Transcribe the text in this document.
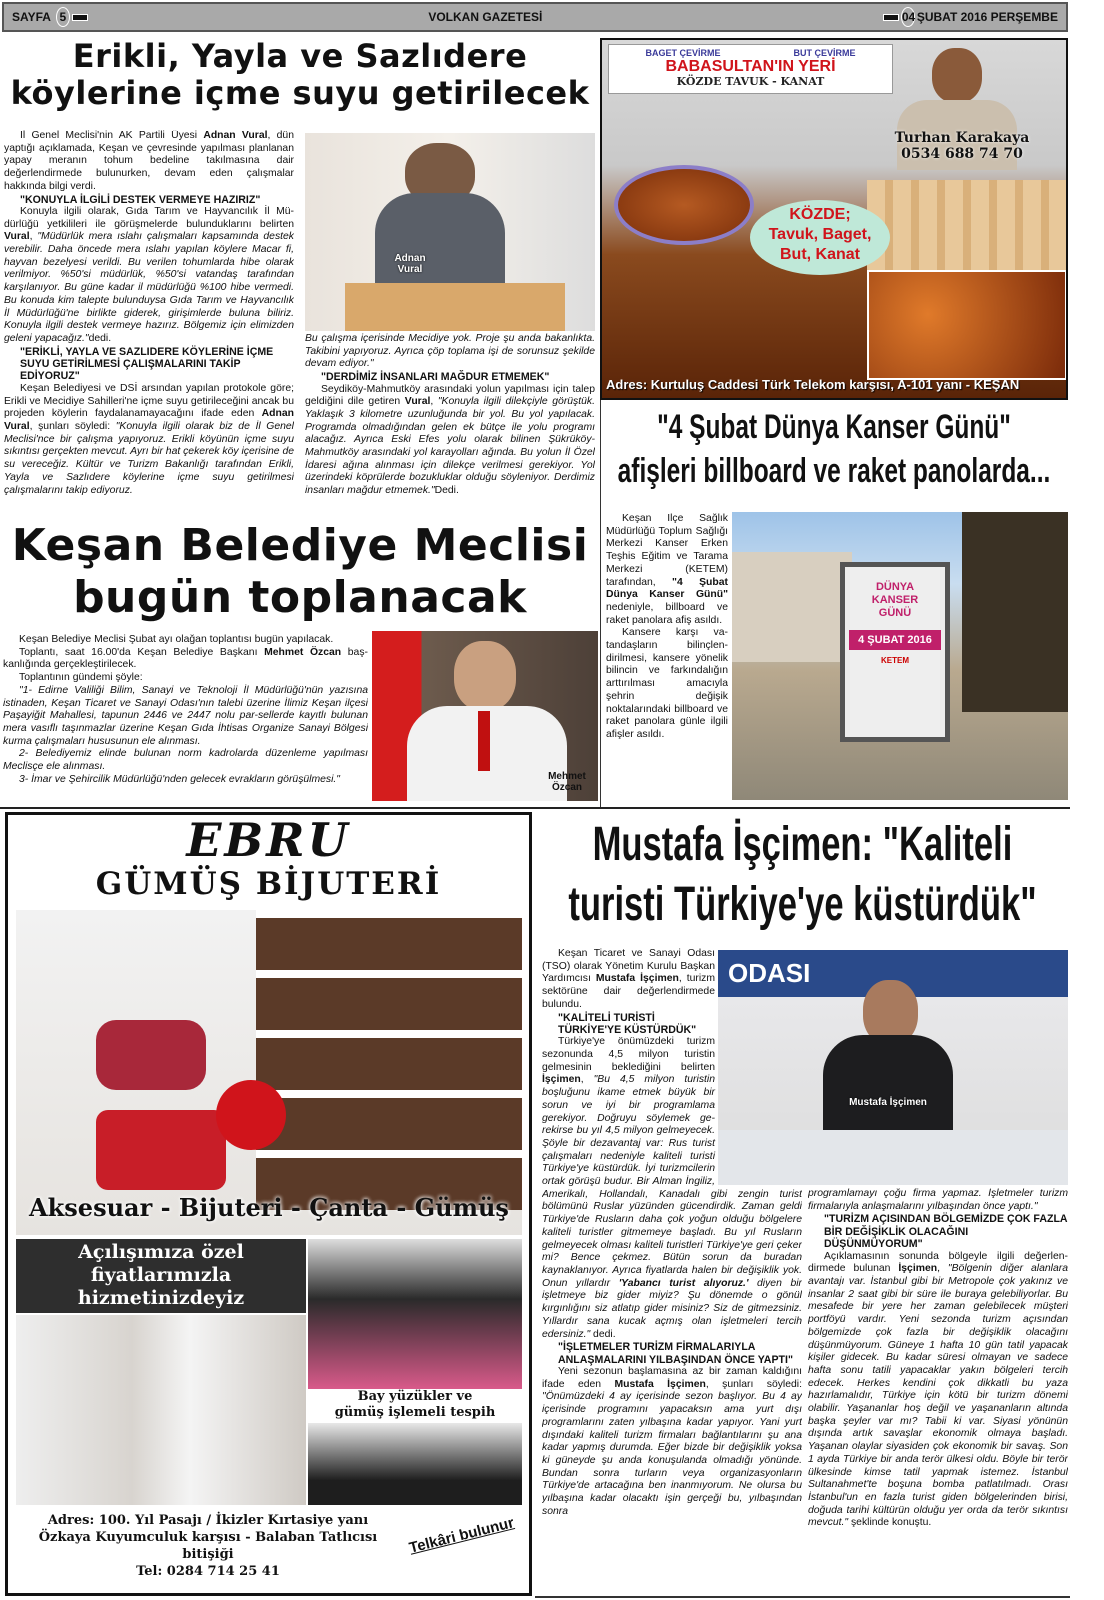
SAYFA 5	VOLKAN GAZETESİ	04 ŞUBAT 2016 PERŞEMBE
Erikli, Yayla ve Sazlıdere
köylerine içme suyu getirilecek

İl Genel Meclisi'nin AK Partili Üyesi Adnan Vural, dün yaptığı açıklamada, Keşan ve çevresinde yapılması planlanan yapay meranın tohum bedeline takılmasına dair değerlendirmede bulunurken, devam eden çalışmalar hakkında bilgi verdi.

"KONUYLA İLGİLİ DESTEK VERMEYE HAZIRIZ"

Konuyla ilgili olarak, Gıda Tarım ve Hayvancılık İl Müdürlüğü yetkilileri ile görüşmelerde bulunduklarını belirten Vural, "Müdürlük mera ıslahı çalışmaları kapsamında destek verebilir. Daha öncede mera ıslahı yapılan köylere Macar fi, hayvan bezelyesi verildi. Bu verilen tohumlarda hibe olarak verilmiyor. %50'si müdürlük, %50'si vatandaş tarafından karşılanıyor. Bu güne kadar il müdürlüğü %100 hibe vermedi. Bu konuda kim talepte bulunduysa Gıda Tarım ve Hayvancılık İl Müdürlüğü'ne birlikte giderek, girişimlerde buluna biliriz. Konuyla ilgili destek vermeye hazırız. Bölgemiz için elimizden geleni yapacağız."dedi.

"ERİKLİ, YAYLA VE SAZLIDERE KÖYLERİNE İÇME SUYU GETİRİLMESİ ÇALIŞMALARINI TAKİP EDİYORUZ"

Keşan Belediyesi ve DSİ arsından yapılan protokole göre; Erikli ve Mecidiye Sahilleri'ne içme suyu getirileceğini ancak bu projeden köylerin faydalanamayacağını ifade eden Adnan Vural, şunları söyledi: "Konuyla ilgili olarak biz de İl Genel Meclisi'nce bir çalışma yapıyoruz. Erikli köyünün içme suyu sıkıntısı gerçekten mevcut. Ayrı bir hat çekerek köy içerisine de su vereceğiz. Kültür ve Turizm Bakanlığı tarafından Erikli, Yayla ve Sazlıdere köylerine içme suyu getirilmesi çalışmalarını takip ediyoruz.

Adnan
Vural

Bu çalışma içerisinde Mecidiye yok. Proje şu anda bakanlıkta. Takibini yapıyoruz. Ayrıca çöp toplama işi de sorunsuz şekilde devam ediyor."

"DERDİMİZ İNSANLARI MAĞDUR ETMEMEK"

Seydiköy-Mahmutköy arasındaki yolun yapılması için talep geldiğini dile getiren Vural, "Konuyla ilgili dilekçiyle görüştük. Yaklaşık 3 kilometre uzunluğunda bir yol. Bu yol yapılacak. Programda olmadığından gelen ek bütçe ile yolu programı alacağız. Ayrıca Eski Efes yolu olarak bilinen Şükrüköy-Mahmutköy arasındaki yol karayolları ağında. Bu yolun İl Özel İdaresi ağına alınması için dilekçe verilmesi gerekiyor. Yol üzerindeki köprülerde bozukluklar olduğu söyleniyor. Derdimiz insanları mağdur etmemek."Dedi.

BAGET ÇEVİRME	BUT ÇEVİRME
BABASULTAN'IN YERİ
KÖZDE TAVUK - KANAT
Turhan Karakaya
0534 688 74 70
KÖZDE;
Tavuk, Baget,
But, Kanat
Adres: Kurtuluş Caddesi Türk Telekom karşısı, A-101 yanı - KEŞAN
"4 Şubat Dünya Kanser Günü"
afişleri billboard ve raket panolarda...

Keşan İlçe Sağlık Müdürlüğü Toplum Sağlığı Merkezi Kanser Erken Teşhis Eğitim ve Tarama Merkezi (KETEM) tarafından, "4 Şubat Dünya Kanser Günü" nedeniyle, billboard ve raket panolara afiş asıldı.

Kansere karşı vatandaşların bilinçlendirilmesi, kansere yönelik bilincin ve farkındalığın arttırılması amacıyla şehrin değişik noktalarındaki billboard ve raket panolara günle ilgili afişler asıldı.

DÜNYA
KANSER
GÜNÜ
4 ŞUBAT 2016
KETEM
Keşan Belediye Meclisi
bugün toplanacak

Keşan Belediye Meclisi Şubat ayı olağan toplantısı bugün yapılacak.

Toplantı, saat 16.00'da Keşan Belediye Başkanı Mehmet Özcan başkanlığında gerçekleştirilecek.

Toplantının gündemi şöyle:

"1- Edirne Valiliği Bilim, Sanayi ve Teknoloji İl Müdürlüğü'nün yazısına istinaden, Keşan Ticaret ve Sanayi Odası'nın talebi üzerine İlimiz Keşan ilçesi Paşayiğit Mahallesi, tapunun 2446 ve 2447 nolu par-sellerde kayıtlı bulunan mera vasıflı taşınmazlar üzerine Keşan Gıda İhtisas Organize Sanayi Bölgesi kurma çalışmaları hususunun ele alınması.

2- Belediyemiz elinde bulunan norm kadrolarda düzenleme yapılması Meclisçe ele alınması.

3- İmar ve Şehircilik Müdürlüğü'nden gelecek evrakların görüşülmesi."	Mehmet
Özcan
EBRU
GÜMÜŞ BİJUTERİ
Aksesuar - Bijuteri - Çanta - Gümüş
Açılışımıza özel
fiyatlarımızla
hizmetinizdeyiz
Bay yüzükler ve
gümüş işlemeli tespih
Adres: 100. Yıl Pasajı / İkizler Kırtasiye yanı
Özkaya Kuyumculuk karşısı - Balaban Tatlıcısı bitişiği
Tel: 0284 714 25 41
Telkâri bulunur
Mustafa İşçimen: "Kaliteli
turisti Türkiye'ye küstürdük"
ODASI
Mustafa İşçimen

Keşan Ticaret ve Sanayi Odası (TSO) olarak Yönetim Kurulu Başkan Yardımcısı Mustafa İşçimen, turizm sektörüne dair değerlendirmede bulundu.

"KALİTELİ TURİSTİ TÜRKİYE'YE KÜSTÜRDÜK"

Türkiye'ye önümüzdeki turizm sezonunda 4,5 milyon turistin gelmesinin beklediğini belirten İşçimen, "Bu 4,5 milyon turistin boşluğunu ikame etmek büyük bir sorun ve iyi bir programlama gerekiyor. Doğruyu söylemek gerekirse bu yıl 4,5 milyon gelmeyecek. Şöyle bir dezavantaj var: Rus turist çalışmaları nedeniyle kaliteli turisti Türkiye'ye küstürdük. İyi turizmcilerin ortak görüşü budur. Bir Alman İngiliz, Amerikalı, Hollandalı, Kanadalı gibi zengin turist bölümünü Ruslar yüzünden gücendirdik. Zaman geldi Türkiye'de Rusların daha çok yoğun olduğu bölgelere kaliteli turistler gitmemeye başladı. Bu yıl Rusların gelmeyecek olması kaliteli turistleri Türkiye'ye geri çeker mi? Bence çekmez. Bütün sorun da buradan kaynaklanıyor. Ayrıca fiyatlarda halen bir değişiklik yok. Onun yıllardır 'Yabancı turist alıyoruz.' diyen bir işletmeye biz gider miyiz? Şu dönemde o gönül kırgınlığını siz atlatıp gider misiniz? Siz de gitmezsiniz. Yıllardır sana kucak açmış olan işletmeleri tercih edersiniz." dedi.

"İŞLETMELER TURİZM FİRMALARIYLA ANLAŞMALARINI YILBAŞINDAN ÖNCE YAPTI"

Yeni sezonun başlamasına az bir zaman kaldığını ifade eden Mustafa İşçimen, şunları söyledi: "Önümüzdeki 4 ay içerisinde sezon başlıyor. Bu 4 ay içerisinde programını yapacaksın ama yurt dışı programlarını zaten yılbaşına kadar yapıyor. Yani yurt dışındaki kaliteli turizm firmaları bağlantılarını şu ana kadar yapmış durumda. Eğer bizde bir değişiklik yoksa ki güneyde şu anda konuşulanda olmadığı yönünde. Bundan sonra turların veya organizasyonların Türkiye'de artacağına ben inanmıyorum. Ne olursa bu yılbaşına kadar olacaktı işin gerçeği bu, yılbaşından sonra

programlamayı çoğu firma yapmaz. İşletmeler turizm firmalarıyla anlaşmalarını yılbaşından önce yaptı."

"TURİZM AÇISINDAN BÖLGEMİZDE ÇOK FAZLA BİR DEĞİŞİKLİK OLACAĞINI DÜŞÜNMÜYORUM"

Açıklamasının sonunda bölgeyle ilgili değerlendirmede bulunan İşçimen, "Bölgenin diğer alanlara avantajı var. İstanbul gibi bir Metropole çok yakınız ve insanlar 2 saat gibi bir süre ile buraya gelebiliyorlar. Bu mesafede bir yere her zaman gelebilecek müşteri portföyü vardır. Yeni sezonda turizm açısından bölgemizde çok fazla bir değişiklik olacağını düşünmüyorum. Güneye 1 hafta 10 gün tatil yapacak kişiler gidecek. Bu kadar süresi olmayan ve sadece hafta sonu tatili yapacaklar yakın bölgeleri tercih edecek. Herkes kendini çok dikkatli bu yaza hazırlamalıdır, Türkiye için kötü bir turizm dönemi olabilir. Yaşananlar hoş değil ve yaşananların altında başka şeyler var mı? Tabii ki var. Siyasi yönünün dışında artık savaşlar ekonomik olmaya başladı. Yaşanan olaylar siyasiden çok ekonomik bir savaş. Son 1 ayda Türkiye bir anda terör ülkesi oldu. Böyle bir terör ülkesinde kimse tatil yapmak istemez. İstanbul Sultanahmet'te boşuna bomba patlatılmadı. Orası İstanbul'un en fazla turist giden bölgelerinden birisi, doğuda tarihi kültürün olduğu yer orda da terör sıkıntısı mevcut." şeklinde konuştu.
